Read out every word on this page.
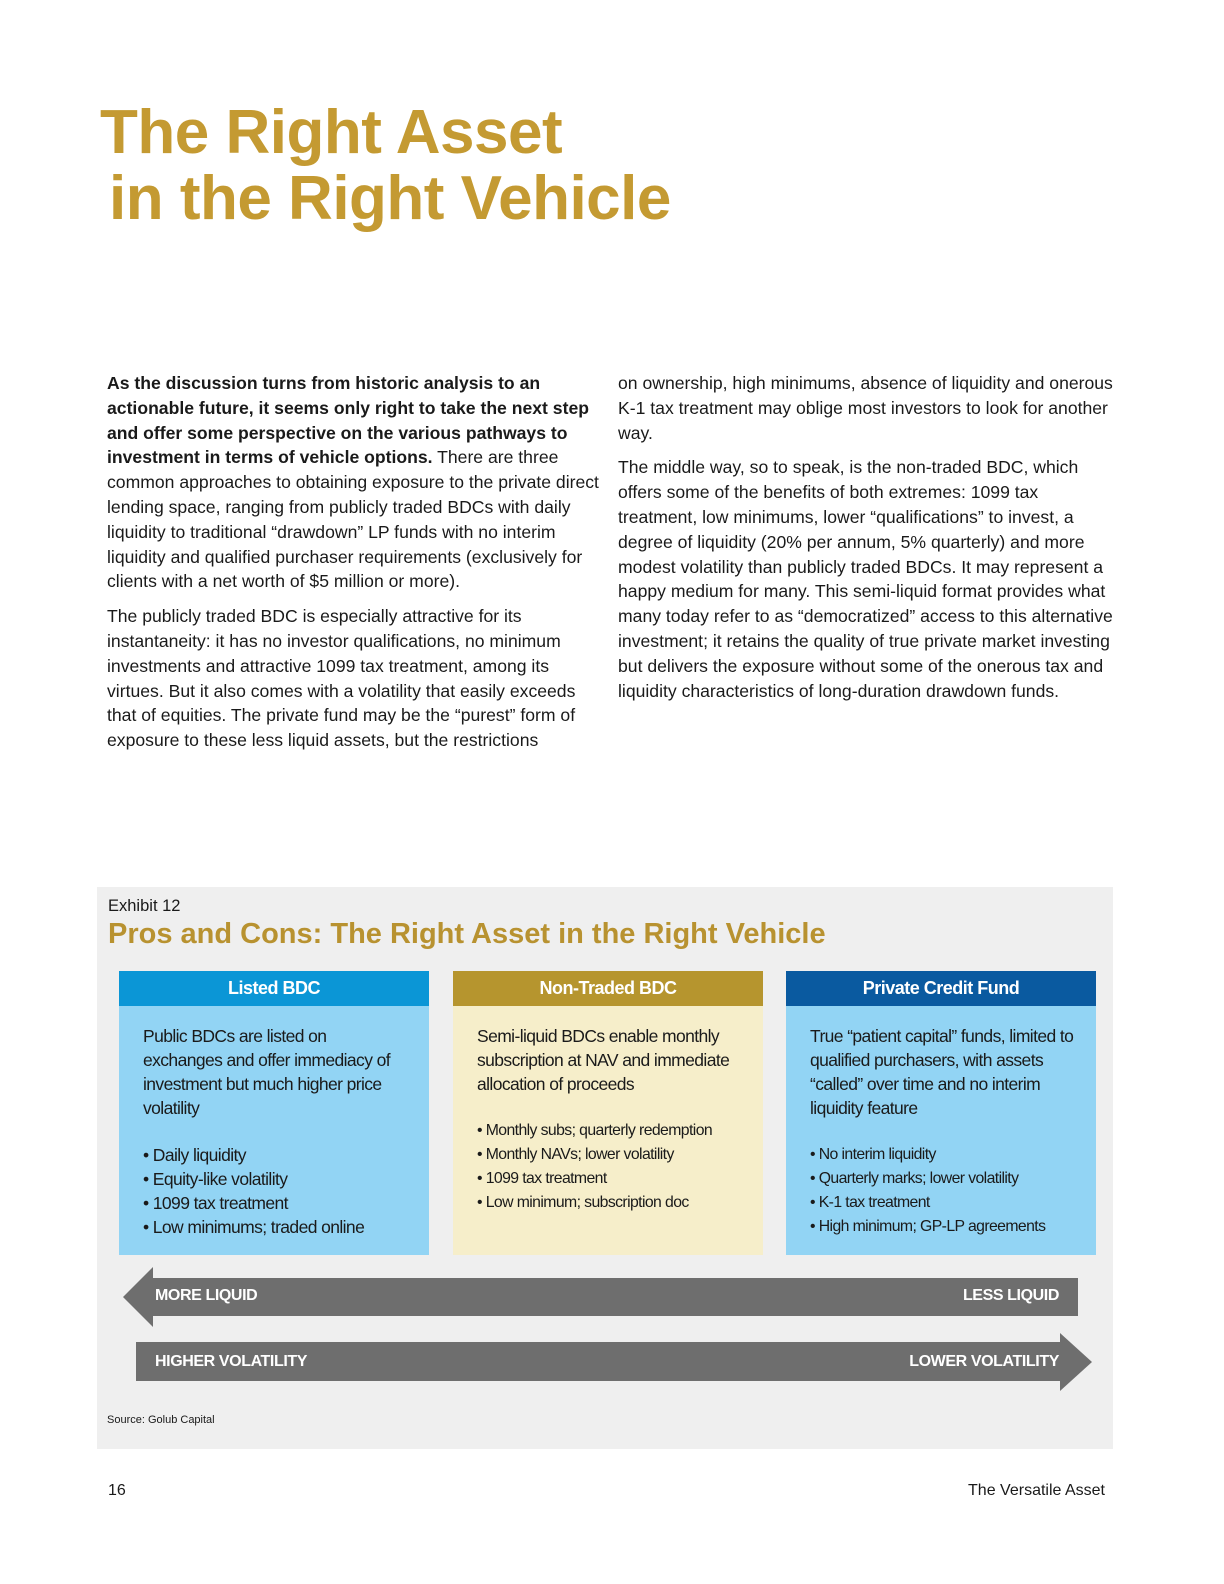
The Right Asset
in the Right Vehicle

As the discussion turns from historic analysis to an actionable future, it seems only right to take the next step and offer some perspective on the various pathways to investment in terms of vehicle options. There are three common approaches to obtaining exposure to the private direct lending space, ranging from publicly traded BDCs with daily liquidity to traditional “drawdown” LP funds with no interim liquidity and qualified purchaser requirements (exclusively for clients with a net worth of $5 million or more).

The publicly traded BDC is especially attractive for its instantaneity: it has no investor qualifications, no minimum investments and attractive 1099 tax treatment, among its virtues. But it also comes with a volatility that easily exceeds that of equities. The private fund may be the “purest” form of exposure to these less liquid assets, but the restrictions

on ownership, high minimums, absence of liquidity and onerous K-1 tax treatment may oblige most investors to look for another way.

The middle way, so to speak, is the non-traded BDC, which offers some of the benefits of both extremes: 1099 tax treatment, low minimums, lower “qualifications” to invest, a degree of liquidity (20% per annum, 5% quarterly) and more modest volatility than publicly traded BDCs. It may represent a happy medium for many. This semi-liquid format provides what many today refer to as “democratized” access to this alternative investment; it retains the quality of true private market investing but delivers the exposure without some of the onerous tax and liquidity characteristics of long-duration drawdown funds.

Exhibit 12
Pros and Cons: The Right Asset in the Right Vehicle
Listed BDC

Public BDCs are listed on exchanges and offer immediacy of investment but much higher price volatility

• Daily liquidity
• Equity-like volatility
• 1099 tax treatment
• Low minimums; traded online
Non-Traded BDC

Semi-liquid BDCs enable monthly subscription at NAV and immediate allocation of proceeds

• Monthly subs; quarterly redemption
• Monthly NAVs; lower volatility
• 1099 tax treatment
• Low minimum; subscription doc
Private Credit Fund

True “patient capital” funds, limited to qualified purchasers, with assets “called” over time and no interim liquidity feature

• No interim liquidity
• Quarterly marks; lower volatility
• K-1 tax treatment
• High minimum; GP-LP agreements
MORE LIQUID	LESS LIQUID
HIGHER VOLATILITY	LOWER VOLATILITY
Source: Golub Capital
16	The Versatile Asset
